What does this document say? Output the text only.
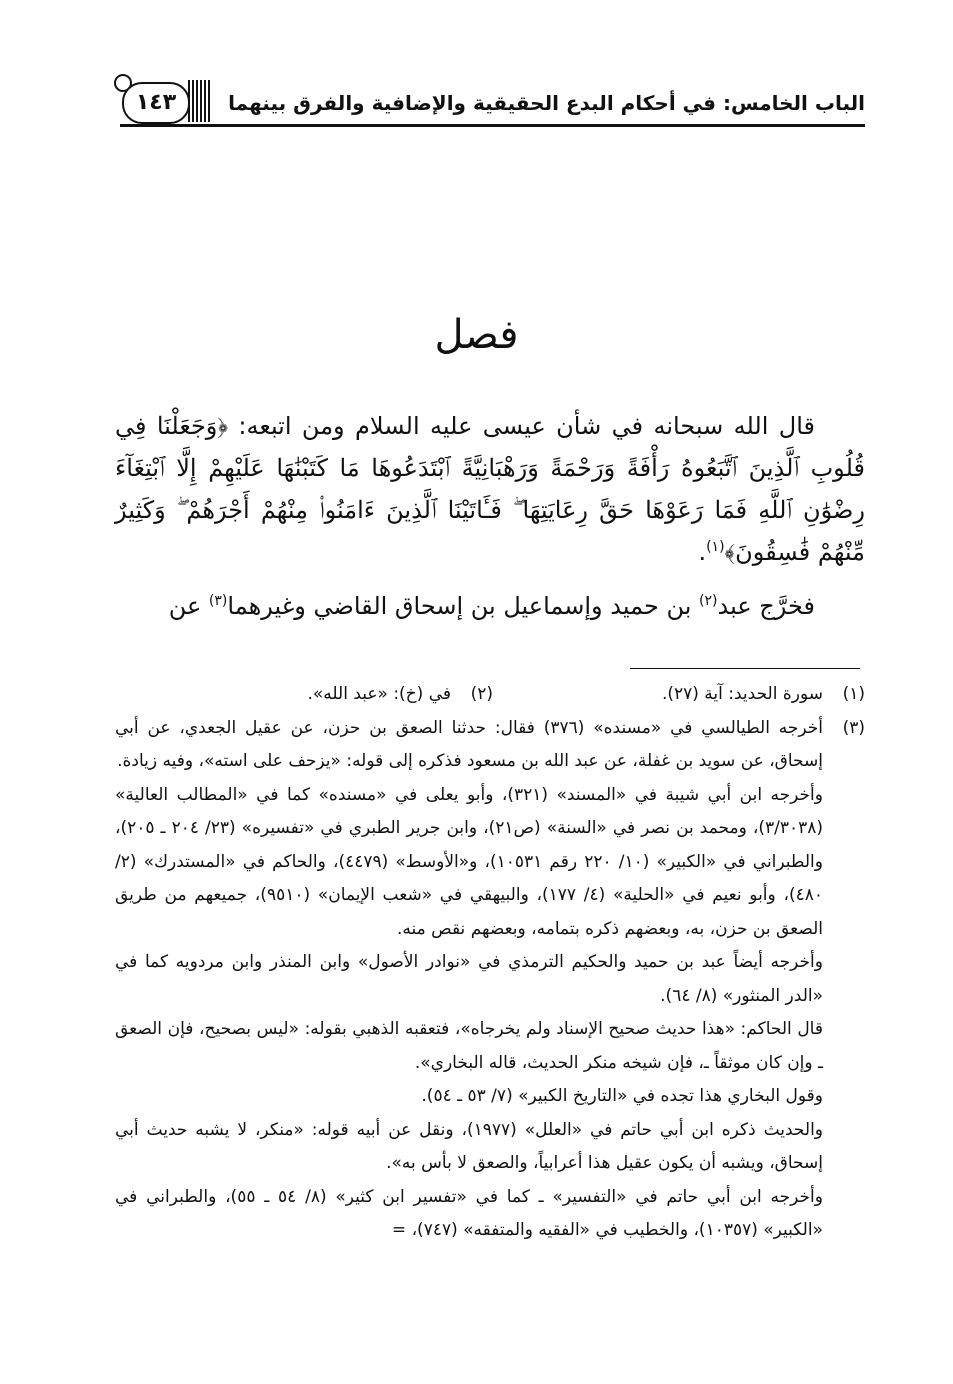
١٤٣	الباب الخامس: في أحكام البدع الحقيقية والإضافية والفرق بينهما
فصل

قال الله سبحانه في شأن عيسى عليه السلام ومن اتبعه: ﴿وَجَعَلْنَا فِي قُلُوبِ ٱلَّذِينَ ٱتَّبَعُوهُ رَأْفَةً وَرَحْمَةً وَرَهْبَانِيَّةً ٱبْتَدَعُوهَا مَا كَتَبْنَٰهَا عَلَيْهِمْ إِلَّا ٱبْتِغَآءَ رِضْوَٰنِ ٱللَّهِ فَمَا رَعَوْهَا حَقَّ رِعَايَتِهَا ۖ فَـَٔاتَيْنَا ٱلَّذِينَ ءَامَنُوا۟ مِنْهُمْ أَجْرَهُمْ ۖ وَكَثِيرٌ مِّنْهُمْ فَٰسِقُونَ﴾$^{(١)}$.

فخرَّج عبد$^{(٢)}$ بن حميد وإسماعيل بن إسحاق القاضي وغيرهما$^{(٣)}$ عن

(١)
سورة الحديد: آية (٢٧).
(٢)
في (خ): «عبد الله».
(٣)

أخرجه الطيالسي في «مسنده» (٣٧٦) فقال: حدثنا الصعق بن حزن، عن عقيل الجعدي، عن أبي إسحاق، عن سويد بن غفلة، عن عبد الله بن مسعود فذكره إلى قوله: «يزحف على استه»، وفيه زيادة.

وأخرجه ابن أبي شيبة في «المسند» (٣٢١)، وأبو يعلى في «مسنده» كما في «المطالب العالية» (٣/٣٠٣٨)، ومحمد بن نصر في «السنة» (ص٢١)، وابن جرير الطبري في «تفسيره» (٢٣/ ٢٠٤ ـ ٢٠٥)، والطبراني في «الكبير» (١٠/ ٢٢٠ رقم ١٠٥٣١)، و«الأوسط» (٤٤٧٩)، والحاكم في «المستدرك» (٢/ ٤٨٠)، وأبو نعيم في «الحلية» (٤/ ١٧٧)، والبيهقي في «شعب الإيمان» (٩٥١٠)، جميعهم من طريق الصعق بن حزن، به، وبعضهم ذكره بتمامه، وبعضهم نقص منه.

وأخرجه أيضاً عبد بن حميد والحكيم الترمذي في «نوادر الأصول» وابن المنذر وابن مردويه كما في «الدر المنثور» (٨/ ٦٤).

قال الحاكم: «هذا حديث صحيح الإسناد ولم يخرجاه»، فتعقبه الذهبي بقوله: «ليس بصحيح، فإن الصعق ـ وإن كان موثقاً ـ، فإن شيخه منكر الحديث، قاله البخاري».

وقول البخاري هذا تجده في «التاريخ الكبير» (٧/ ٥٣ ـ ٥٤).

والحديث ذكره ابن أبي حاتم في «العلل» (١٩٧٧)، ونقل عن أبيه قوله: «منكر، لا يشبه حديث أبي إسحاق، ويشبه أن يكون عقيل هذا أعرابياً، والصعق لا بأس به».

وأخرجه ابن أبي حاتم في «التفسير» ـ كما في «تفسير ابن كثير» (٨/ ٥٤ ـ ٥٥)، والطبراني في «الكبير» (١٠٣٥٧)، والخطيب في «الفقيه والمتفقه» (٧٤٧)، =
